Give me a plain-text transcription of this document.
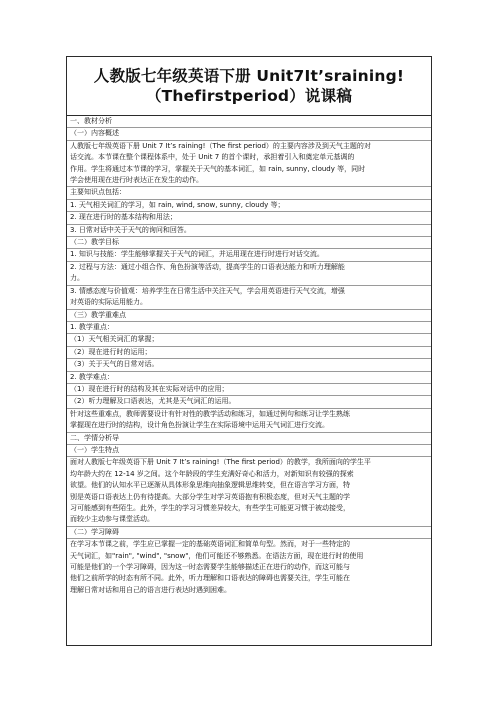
人教版七年级英语下册 Unit7It’sraining!
（Thefirstperiod）说课稿
一、教材分析
（一）内容概述
人教版七年级英语下册 Unit 7 It’s raining!（The first period）的主要内容涉及到天气主题的对
话交流。本节课在整个课程体系中，处于 Unit 7 的首个课时，承担着引入和奠定单元基调的
作用。学生将通过本节课的学习，掌握关于天气的基本词汇，如 rain, sunny, cloudy 等，同时
学会使用现在进行时表达正在发生的动作。
主要知识点包括：
1. 天气相关词汇的学习，如 rain, wind, snow, sunny, cloudy 等；
2. 现在进行时的基本结构和用法；
3. 日常对话中关于天气的询问和回答。
（二）教学目标
1. 知识与技能：学生能够掌握关于天气的词汇，并运用现在进行时进行对话交流。
2. 过程与方法：通过小组合作、角色扮演等活动，提高学生的口语表达能力和听力理解能
力。
3. 情感态度与价值观：培养学生在日常生活中关注天气，学会用英语进行天气交流，增强
对英语的实际运用能力。
（三）教学重难点
1. 教学重点：
（1）天气相关词汇的掌握；
（2）现在进行时的运用；
（3）关于天气的日常对话。
2. 教学难点：
（1）现在进行时的结构及其在实际对话中的应用；
（2）听力理解及口语表达，尤其是天气词汇的运用。
针对这些重难点，教师需要设计有针对性的教学活动和练习，如通过例句和练习让学生熟练
掌握现在进行时的结构，设计角色扮演让学生在实际语境中运用天气词汇进行交流。
二、学情分析导
（一）学生特点
面对人教版七年级英语下册 Unit 7 It’s raining!（The first period）的教学，我所面向的学生平
均年龄大约在 12-14 岁之间。这个年龄段的学生充满好奇心和活力，对新知识有较强的探索
欲望。他们的认知水平已逐渐从具体形象思维向抽象逻辑思维转变，但在语言学习方面，特
别是英语口语表达上仍有待提高。大部分学生对学习英语抱有积极态度，但对天气主题的学
习可能感到有些陌生。此外，学生的学习习惯差异较大，有些学生可能更习惯于被动接受，
而较少主动参与课堂活动。
（二）学习障碍
在学习本节课之前，学生应已掌握一定的基础英语词汇和简单句型。然而，对于一些特定的
天气词汇，如"rain", "wind", "snow"，他们可能还不够熟悉。在语法方面，现在进行时的使用
可能是他们的一个学习障碍，因为这一时态需要学生能够描述正在进行的动作，而这可能与
他们之前所学的时态有所不同。此外，听力理解和口语表达的障碍也需要关注，学生可能在
理解日常对话和用自己的语言进行表达时遇到困难。
